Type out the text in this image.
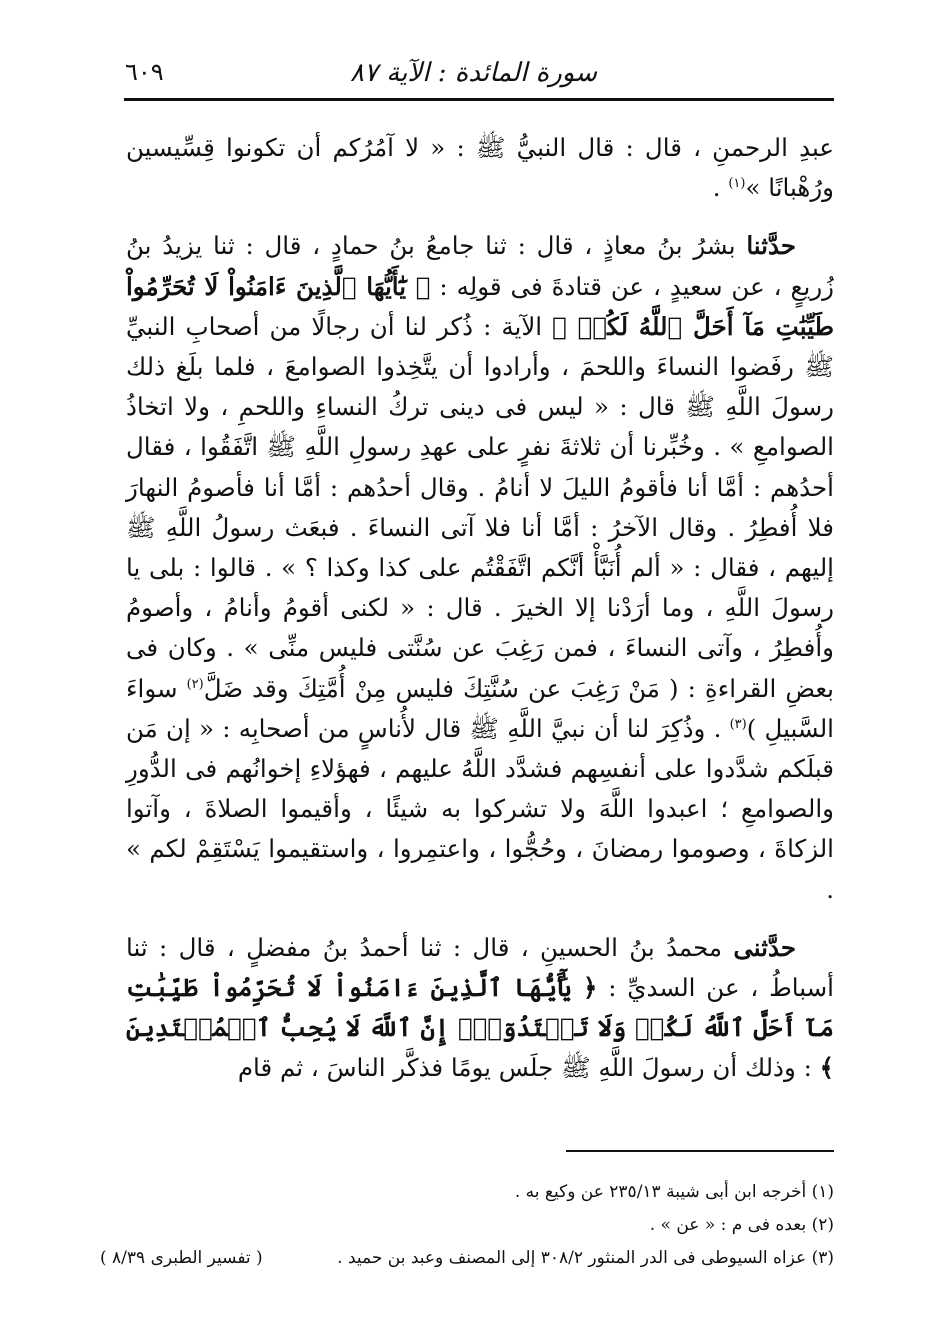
سورة المائدة : الآية ٨٧
٦٠٩

عبدِ الرحمنِ ، قال : قال النبيُّ ﷺ : « لا آمُرُكم أن تكونوا قِسِّيسين ورُهْبانًا »$^{(١)}$ .

حدَّثنا بشرُ بنُ معاذٍ ، قال : ثنا جامعُ بنُ حمادٍ ، قال : ثنا يزيدُ بنُ زُريعٍ ، عن سعيدٍ ، عن قتادةَ فى قولِه : ﴿ يَٰٓأَيُّهَا ٱلَّذِينَ ءَامَنُواْ لَا تُحَرِّمُواْ طَيِّبَٰتِ مَآ أَحَلَّ ٱللَّهُ لَكُمۡ ﴾ الآية : ذُكر لنا أن رجالًا من أصحابِ النبيِّ ﷺ رفَضوا النساءَ واللحمَ ، وأرادوا أن يتَّخِذوا الصوامعَ ، فلما بلَغ ذلك رسولَ اللَّهِ ﷺ قال : « ليس فى دينى تركُ النساءِ واللحمِ ، ولا اتخاذُ الصوامعِ » . وخُبِّرنا أن ثلاثةَ نفرٍ على عهدِ رسولِ اللَّهِ ﷺ اتَّفَقُوا ، فقال أحدُهم : أمَّا أنا فأقومُ الليلَ لا أنامُ . وقال أحدُهم : أمَّا أنا فأصومُ النهارَ فلا أُفطِرُ . وقال الآخرُ : أمَّا أنا فلا آتى النساءَ . فبعَث رسولُ اللَّهِ ﷺ إليهم ، فقال : « ألم أُنَبَّأْ أنَّكم اتَّفَقْتُم على كذا وكذا ؟ » . قالوا : بلى يا رسولَ اللَّهِ ، وما أرَدْنا إلا الخيرَ . قال : « لكنى أقومُ وأنامُ ، وأصومُ وأُفطِرُ ، وآتى النساءَ ، فمن رَغِبَ عن سُنَّتى فليس منِّى » . وكان فى بعضِ القراءةِ : ( مَنْ رَغِبَ عن سُنَّتِكَ فليس مِنْ أُمَّتِكَ وقد ضَلَّ$^{(٢)}$ سواءَ السَّبيلِ )$^{(٣)}$ . وذُكِرَ لنا أن نبيَّ اللَّهِ ﷺ قال لأُناسٍ من أصحابِه : « إن مَن قبلَكم شدَّدوا على أنفسِهم فشدَّد اللَّهُ عليهم ، فهؤلاءِ إخوانُهم فى الدُّورِ والصوامعِ ؛ اعبدوا اللَّهَ ولا تشركوا به شيئًا ، وأقيموا الصلاةَ ، وآتوا الزكاةَ ، وصوموا رمضانَ ، وحُجُّوا ، واعتمِروا ، واستقيموا يَسْتَقِمْ لكم » .

حدَّثنى محمدُ بنُ الحسينِ ، قال : ثنا أحمدُ بنُ مفضلٍ ، قال : ثنا أسباطُ ، عن السديِّ : ﴿ يَٰٓأَيُّهَا ٱلَّذِينَ ءَامَنُواْ لَا تُحَرِّمُواْ طَيِّبَٰتِ مَآ أَحَلَّ ٱللَّهُ لَكُمۡ وَلَا تَعۡتَدُوٓاْۚ إِنَّ ٱللَّهَ لَا يُحِبُّ ٱلۡمُعۡتَدِينَ ﴾ : وذلك أن رسولَ اللَّهِ ﷺ جلَس يومًا فذكَّر الناسَ ، ثم قام

(١) أخرجه ابن أبى شيبة ٢٣٥/١٣ عن وكيع به .
(٢) بعده فى م : « عن » .
(٣) عزاه السيوطى فى الدر المنثور ٣٠٨/٢ إلى المصنف وعبد بن حميد .
( تفسير الطبرى ٨/٣٩ )
